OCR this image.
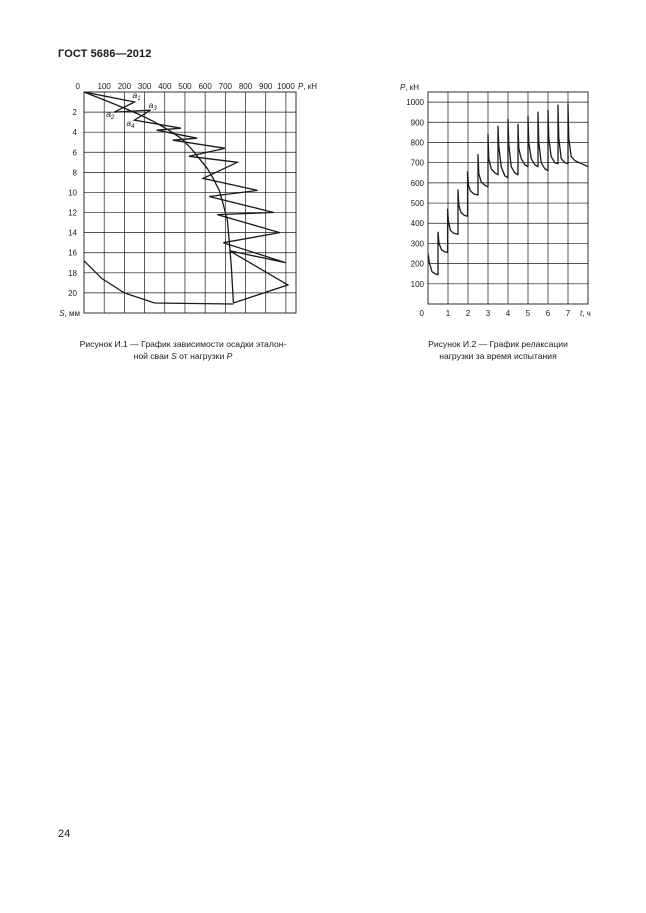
ГОСТ 5686—2012
100 200 300 400 500 600 700 800 900 1000
2
4
6
8
10
12
14
16
18
20
0	P, кН
S, мм
$a_1$
$a_2$
$a_3$
$a_4$
1 2 3 4 5 6 7
100
200
300
400
500
600
700
800
900
1000
0
P, кН
t, ч
Рисунок И.1 — График зависимости осадки эталон-
ной сваи S от нагрузки P
Рисунок И.2 — График релаксации
нагрузки за время испытания
24
